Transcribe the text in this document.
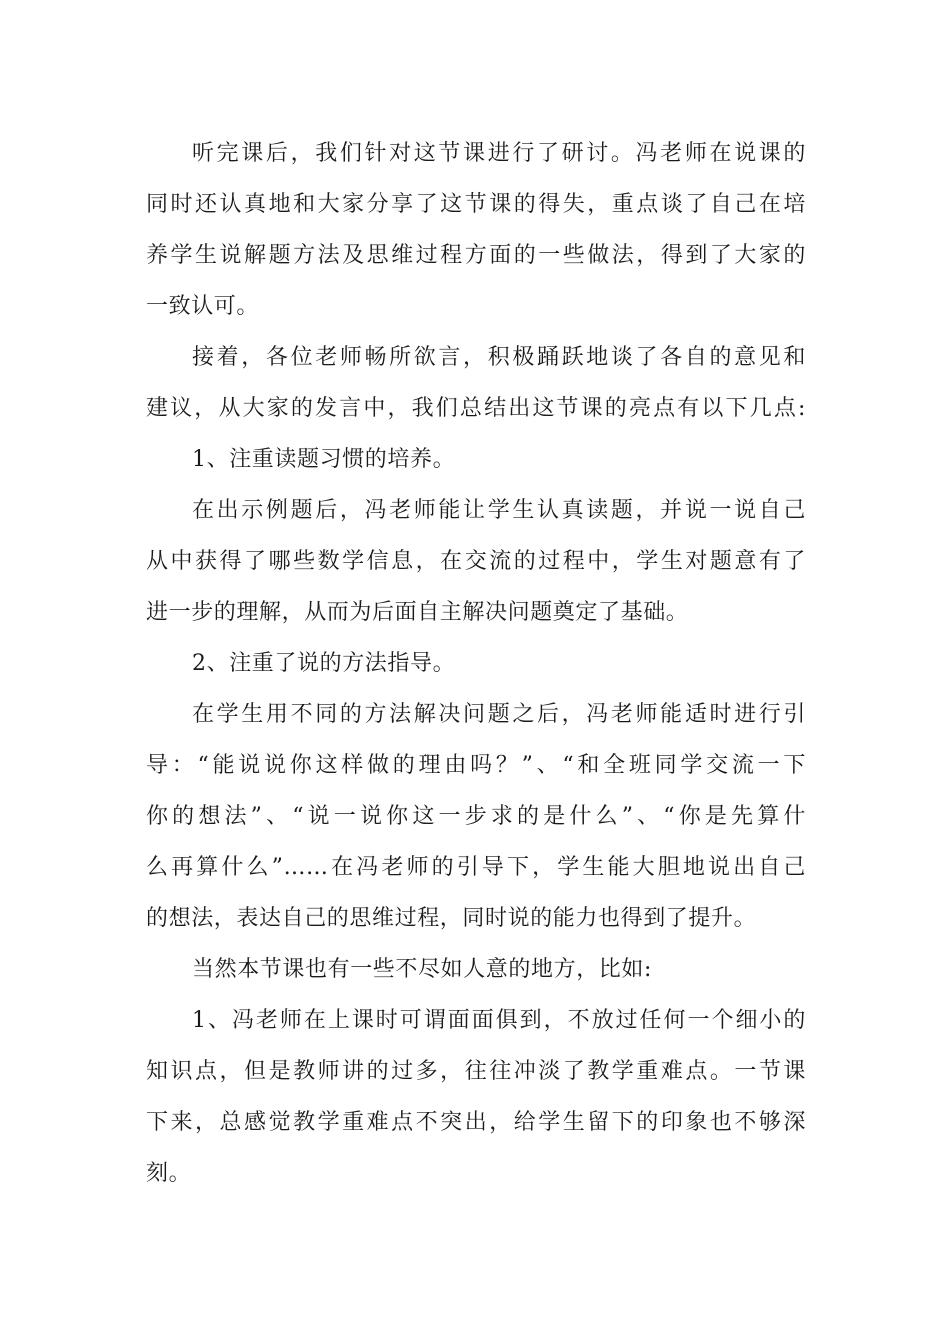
听完课后，我们针对这节课进行了研讨。冯老师在说课的
同时还认真地和大家分享了这节课的得失，重点谈了自己在培
养学生说解题方法及思维过程方面的一些做法，得到了大家的
一致认可。
接着，各位老师畅所欲言，积极踊跃地谈了各自的意见和
建议，从大家的发言中，我们总结出这节课的亮点有以下几点:
1、注重读题习惯的培养。
在出示例题后，冯老师能让学生认真读题，并说一说自己
从中获得了哪些数学信息，在交流的过程中，学生对题意有了
进一步的理解，从而为后面自主解决问题奠定了基础。
2、注重了说的方法指导。
在学生用不同的方法解决问题之后，冯老师能适时进行引
导：“能说说你这样做的理由吗？”、“和全班同学交流一下
你的想法”、“说一说你这一步求的是什么”、“你是先算什
么再算什么”……在冯老师的引导下，学生能大胆地说出自己
的想法，表达自己的思维过程，同时说的能力也得到了提升。
当然本节课也有一些不尽如人意的地方，比如:
1、冯老师在上课时可谓面面俱到，不放过任何一个细小的
知识点，但是教师讲的过多，往往冲淡了教学重难点。一节课
下来，总感觉教学重难点不突出，给学生留下的印象也不够深
刻。
